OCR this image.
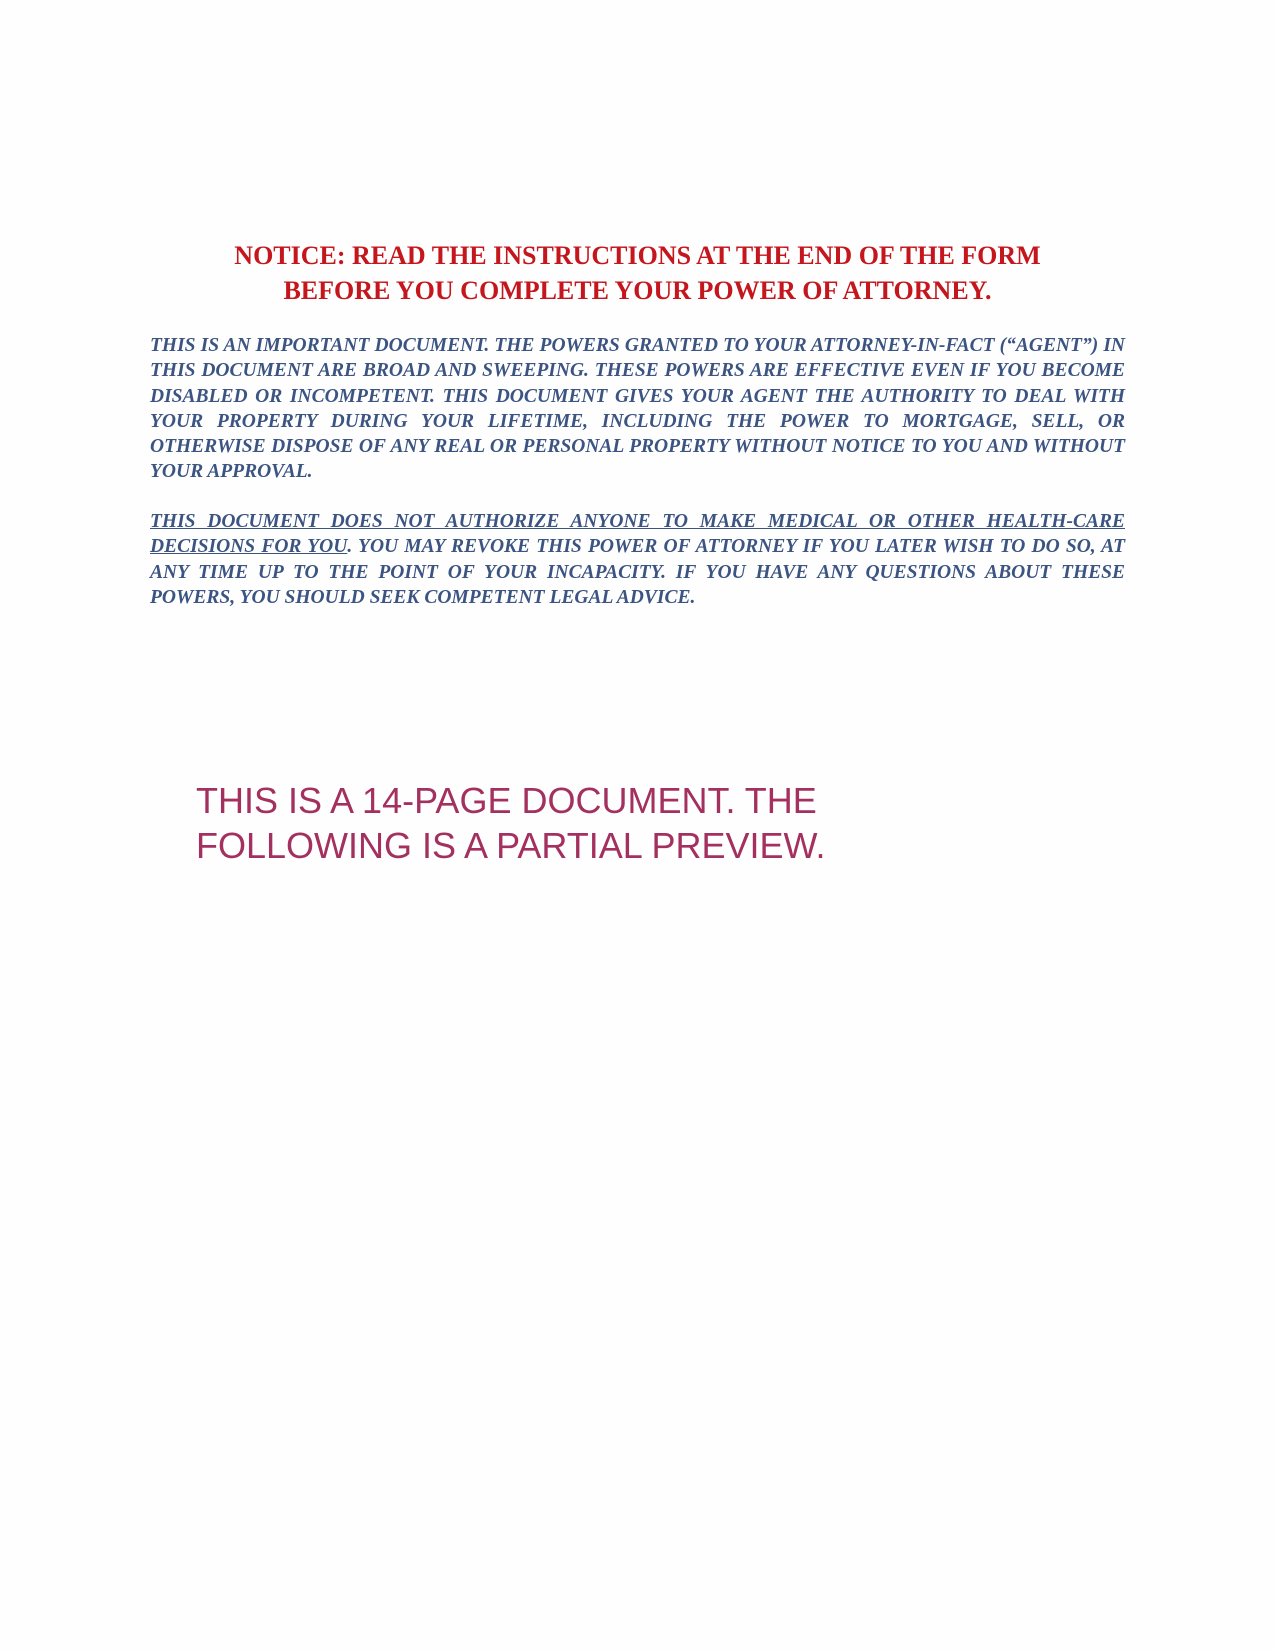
NOTICE: READ THE INSTRUCTIONS AT THE END OF THE FORM
BEFORE YOU COMPLETE YOUR POWER OF ATTORNEY.

THIS IS AN IMPORTANT DOCUMENT. THE POWERS GRANTED TO YOUR ATTORNEY-IN-FACT (“AGENT”) IN THIS DOCUMENT ARE BROAD AND SWEEPING. THESE POWERS ARE EFFECTIVE EVEN IF YOU BECOME DISABLED OR INCOMPETENT. THIS DOCUMENT GIVES YOUR AGENT THE AUTHORITY TO DEAL WITH YOUR PROPERTY DURING YOUR LIFETIME, INCLUDING THE POWER TO MORTGAGE, SELL, OR OTHERWISE DISPOSE OF ANY REAL OR PERSONAL PROPERTY WITHOUT NOTICE TO YOU AND WITHOUT YOUR APPROVAL.

THIS DOCUMENT DOES NOT AUTHORIZE ANYONE TO MAKE MEDICAL OR OTHER HEALTH-CARE DECISIONS FOR YOU. YOU MAY REVOKE THIS POWER OF ATTORNEY IF YOU LATER WISH TO DO SO, AT ANY TIME UP TO THE POINT OF YOUR INCAPACITY. IF YOU HAVE ANY QUESTIONS ABOUT THESE POWERS, YOU SHOULD SEEK COMPETENT LEGAL ADVICE.

THIS IS A 14-PAGE DOCUMENT. THE
FOLLOWING IS A PARTIAL PREVIEW.
